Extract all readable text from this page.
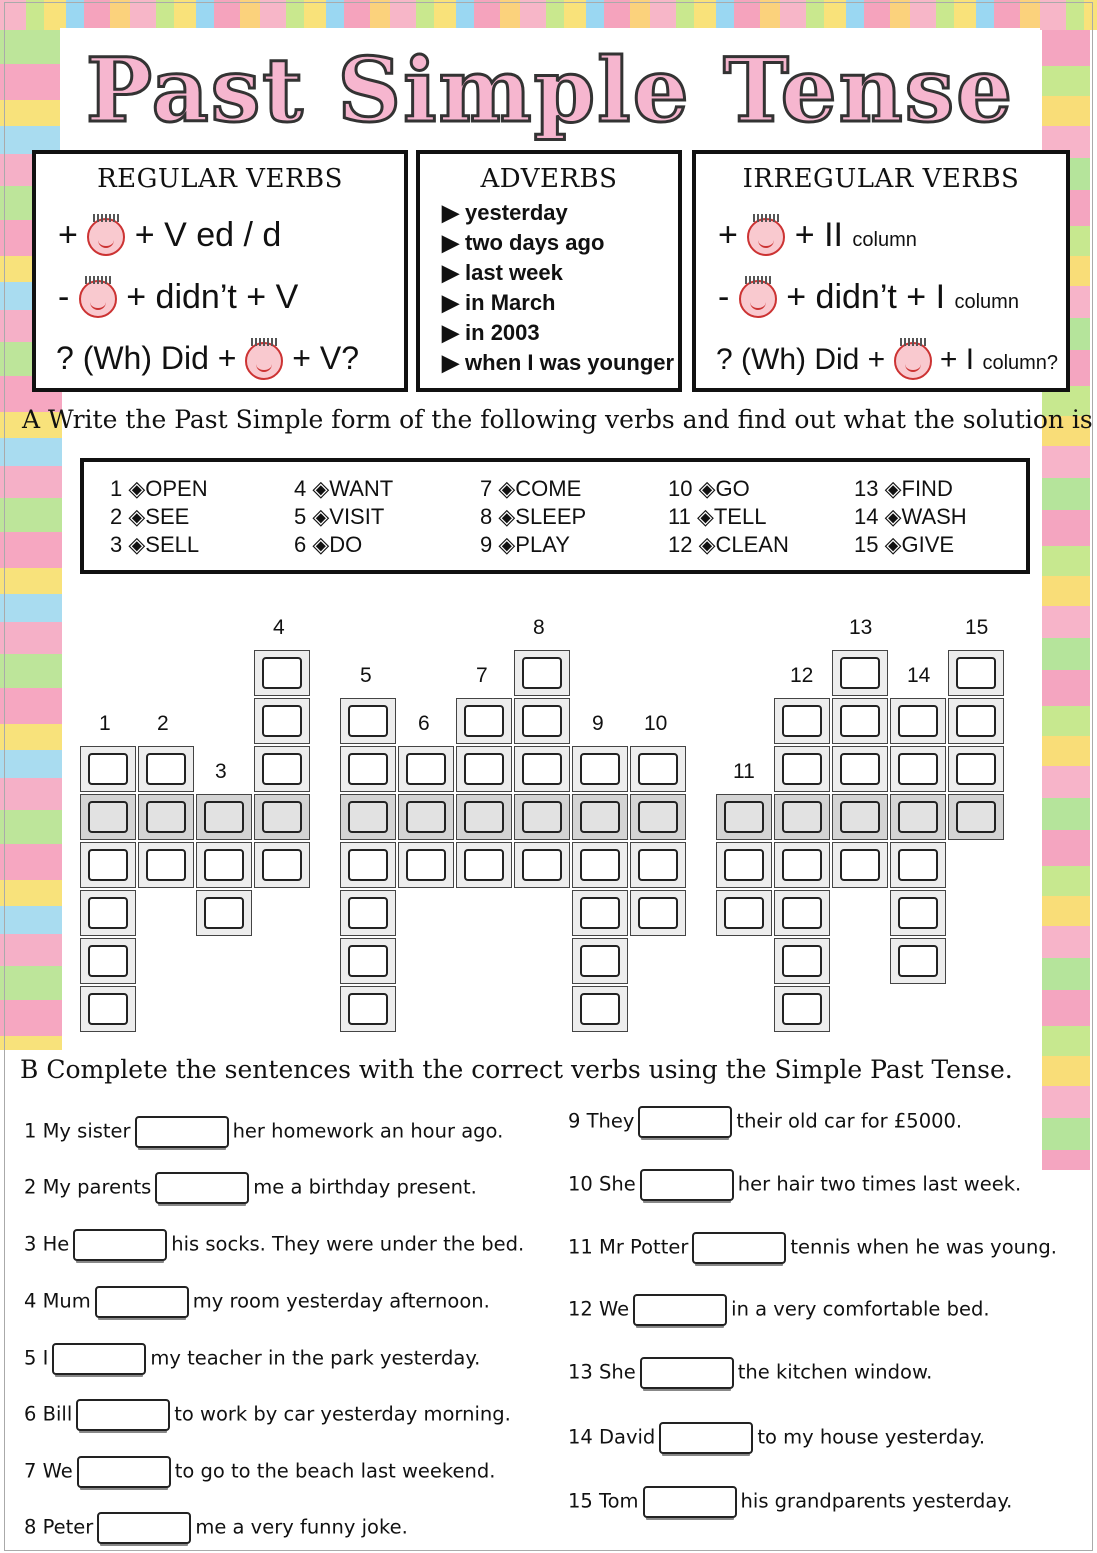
Past Simple Tense
REGULAR VERBS
+ + V ed / d
- + didn’t + V
? (Wh) Did + + V?
ADVERBS
▶ yesterday
▶ two days ago
▶ last week
▶ in March
▶ in 2003
▶ when I was younger
IRREGULAR VERBS
+ + II column
- + didn’t + I column
? (Wh) Did + + I column?
A Write the Past Simple form of the following verbs and find out what the solution is
1 ◈OPEN
2 ◈SEE
3 ◈SELL
4 ◈WANT
5 ◈VISIT
6 ◈DO
7 ◈COME
8 ◈SLEEP
9 ◈PLAY
10 ◈GO
11 ◈TELL
12 ◈CLEAN
13 ◈FIND
14 ◈WASH
15 ◈GIVE
4	8	13	15
5	7	12	14
1 2	6	9 10
3	11
B Complete the sentences with the correct verbs using the Simple Past Tense.
1 My sister	her homework an hour ago.
2 My parents	me a birthday present.
3 He	his socks. They were under the bed.
4 Mum	my room yesterday afternoon.
5 I	my teacher in the park yesterday.
6 Bill	to work by car yesterday morning.
7 We	to go to the beach last weekend.
8 Peter	me a very funny joke.
9 They	their old car for £5000.
10 She	her hair two times last week.
11 Mr Potter	tennis when he was young.
12 We	in a very comfortable bed.
13 She	the kitchen window.
14 David	to my house yesterday.
15 Tom	his grandparents yesterday.
